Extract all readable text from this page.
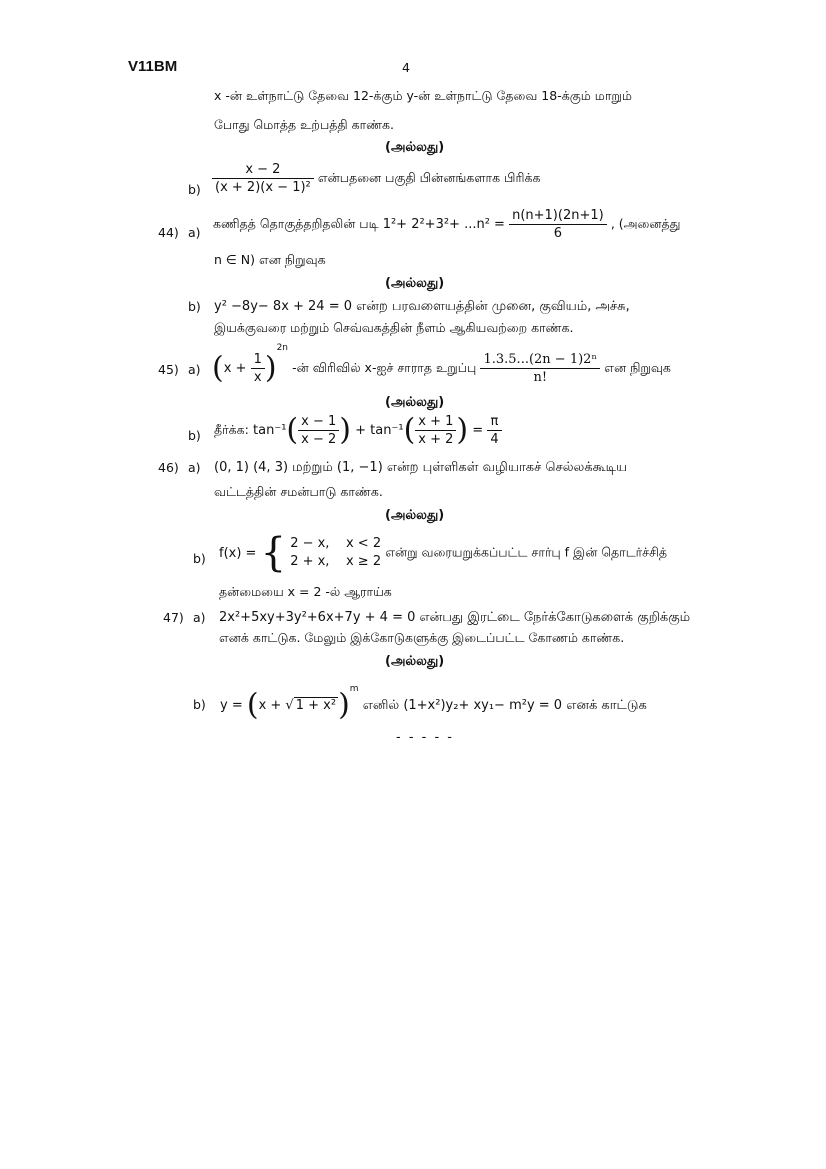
V11BM	4
x -ன் உள்நாட்டு தேவை 12-க்கும் y-ன் உள்நாட்டு தேவை 18-க்கும் மாறும்
போது மொத்த உற்பத்தி காண்க.
(அல்லது)
$b) \frac{x - 2}{\text{(x + 2)(x − 1)²}}$ என்பதனை பகுதி பின்னங்களாக பிரிக்க
44) a)
கணிதத் தொகுத்தறிதலின் படி $1^2+ 2^2+3^2+ ...n^2 = \frac{n(n+1)(2n+1)}{6}$ , (அனைத்து
n ∈ N) என நிறுவுக
(அல்லது)
b) y² −8y− 8x + 24 = 0 என்ற பரவளையத்தின் முனை, குவியம், அச்சு,
இயக்குவரை மற்றும் செவ்வகத்தின் நீளம் ஆகியவற்றை காண்க.
45) a) $(x + \frac{1}{x} )^{2n}$ -ன் விரிவில் x-ஐச் சாராத உறுப்பு $\frac{\text{1.3.5...(2n − 1)2ⁿ}}{n!}$ என நிறுவுக
(அல்லது)
b) தீர்க்க: $\tan^{-1}( \frac{x - 1}{x - 2}$ ) + $\tan^{-1}( \frac{x + 1}{x + 2}$ ) = $\frac{\pi}{4}$
46) a) (0, 1) (4, 3) மற்றும் (1, −1) என்ற புள்ளிகள் வழியாகச் செல்லக்கூடிய
வட்டத்தின் சமன்பாடு காண்க.
(அல்லது)
b) f(x) = { 2 − x,    x < 2
2 + x,    x ≥ 2
என்று வரையறுக்கப்பட்ட சார்பு f இன் தொடர்ச்சித்
தன்மையை x = 2 -ல் ஆராய்க
47) a) 2x²+5xy+3y²+6x+7y + 4 = 0 என்பது இரட்டை நேர்க்கோடுகளைக் குறிக்கும்
எனக் காட்டுக. மேலும் இக்கோடுகளுக்கு இடைப்பட்ட கோணம் காண்க.
(அல்லது)
b) y = (x + √ 1 + x²)$^m$ எனில் (1+x²)y₂+ xy₁− m²y = 0 எனக் காட்டுக
- - - - -
